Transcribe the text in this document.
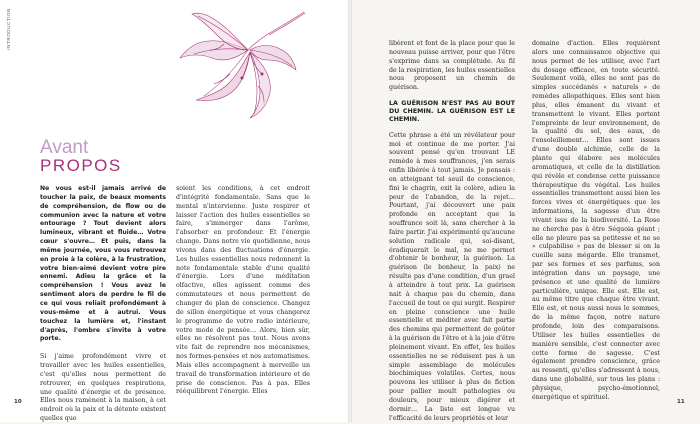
INTRODUCTION
Avant
PROPOS

Ne vous est-il jamais arrivé de toucher la paix, de beaux moments de compréhension, de flow ou de communion avec la nature et votre entourage ? Tout devient alors lumineux, vibrant et fluide… Votre cœur s'ouvre… Et puis, dans la même journée, vous vous retrouvez en proie à la colère, à la frustration, votre bien-aimé devient votre pire ennemi. Adieu la grâce et la compréhension ! Vous avez le sentiment alors de perdre le fil de ce qui vous reliait profondément à vous-même et à autrui. Vous touchez la lumière et, l'instant d'après, l'ombre s'invite à votre porte.

Si j'aime profondément vivre et travailler avec les huiles essentielles, c'est qu'elles nous permettent de retrouver, en quelques respirations, une qualité d'énergie et de présence. Elles nous ramènent à la maison, à cet endroit où la paix et la détente existent quelles que

soient les conditions, à cet endroit d'intégrité fondamentale. Sans que le mental n'intervienne. Juste respirer et laisser l'action des huiles essentielles se faire, s'immerger dans l'arôme, l'absorber en profondeur. Et l'énergie change. Dans notre vie quotidienne, nous vivons dans des fluctuations d'énergie. Les huiles essentielles nous redonnent la note fondamentale stable d'une qualité d'énergie. Lors d'une méditation olfactive, elles agissent comme des commutateurs et nous permettent de changer de plan de conscience. Changez de sillon énergétique et vous changerez le programme de votre radio intérieure, votre mode de pensée… Alors, bien sûr, elles ne résolvent pas tout. Nous avons vite fait de reprendre nos mécanismes, nos formes-pensées et nos automatismes. Mais elles accompagnent à merveille un travail de transformation intérieure et de prise de conscience. Pas à pas. Elles rééquilibrent l'énergie. Elles

10

libèrent et font de la place pour que le nouveau puisse arriver, pour que l'être s'exprime dans sa complétude. Au fil de la respiration, les huiles essentielles nous proposent un chemin de guérison.

LA GUÉRISON N'EST PAS AU BOUT DU CHEMIN. LA GUÉRISON EST LE CHEMIN.

Cette phrase a été un révélateur pour moi et continue de me porter. J'ai souvent pensé qu'en trouvant LE remède à mes souffrances, j'en serais enfin libérée à tout jamais. Je pensais : en atteignant tel seuil de conscience, fini le chagrin, exit la colère, adieu la peur de l'abandon, de la rejet… Pourtant, j'ai découvert une paix profonde en acceptant que la souffrance soit là, sans chercher à la faire partir. J'ai expérimenté qu'aucune solution radicale qui, soi-disant, éradiquerait le mal, ne me permet d'obtenir le bonheur, la guérison. La guérison (le bonheur, la paix) ne résulte pas d'une condition, d'un grael à atteindre à tout prix. La guérison nait à chaque pas du chemin, dans l'accueil de tout ce qui surgit. Respirer en pleine conscience une huile essentielle et méditer avec fait partie des chemins qui permettent de goûter à la guérison de l'être et à la joie d'être pleinement vivant. En effet, les huiles essentielles ne se réduisent pas à un simple assemblage de molécules biochimiques volatiles. Certes, nous pouvons les utiliser à plus de fiction pour pallier moult pathologies ou douleurs, pour mieux digérer et dormir… La liste est longue vu l'efficacité de leurs propriétés et leur

domaine d'action. Elles requièrent alors une connaissance objective qui nous permet de les utiliser, avec l'art du dosage efficace, en toute sécurité. Seulement voilà, elles ne sont pas de simples succédanés « naturels » de remèdes allopathiques. Elles sont bien plus, elles émanent du vivant et transmettent le vivant. Elles portent l'empreinte de leur environnement, de la qualité du sol, des eaux, de l'ensoleillement… Elles sont issues d'une double alchimie, celle de la plante qui élabore ses molécules aromatiques, et celle de la distillation qui révèle et condense cette puissance thérapeutique du végétal. Les huiles essentielles transmettent aussi bien les forces vives et énergétiques que les informations, la sagesse d'un être vivant issu de la biodiversité. La Rose ne cherche pas à être Séquoia géant ; elle ne pleure pas sa petitesse et ne se « culpabilise » pas de blesser si on la cueille sans mégarde. Elle transmet, par ses formes et ses parfums, son intégration dans un paysage, une présence et une qualité de lumière particulière, unique. Elle est. Elle est, au même titre que chaque être vivant. Elle est, et nous aussi nous le sommes, de la même façon, notre nature profonde, loin des comparaisons. Utiliser les huiles essentielles de manière sensible, c'est connecter avec cette forme de sagesse. C'est également prendre conscience, grâce au ressenti, qu'elles s'adressent à nous, dans une globalité, sur tous les plans : physique, psycho-émotionnel, énergétique et spirituel.

11
